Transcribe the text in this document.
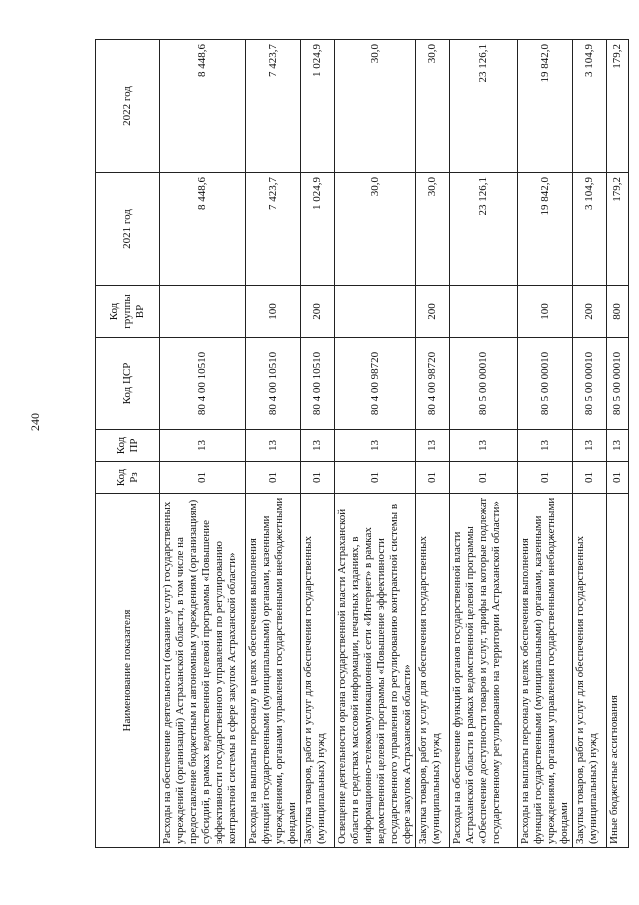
240
Наименование показателя	Код Рз	Код ПР	Код ЦСР	Код группы ВР	2021 год	2022 год
Расходы на обеспечение деятельности (оказание услуг) государственных учреждений (организаций) Астраханской области, в том числе на предоставление бюджетным и автономным учреждениям (организациям) субсидий, в рамках ведомственной целевой программы «Повышение эффективности государственного управления по регулированию контрактной системы в сфере закупок Астраханской области»	01	13	80 4 00 10510		8 448,6	8 448,6
Расходы на выплаты персоналу в целях обеспечения выполнения функций государственными (муниципальными) органами, казенными учреждениями, органами управления государственными внебюджетными фондами	01	13	80 4 00 10510	100	7 423,7	7 423,7
Закупка товаров, работ и услуг для обеспечения государственных (муниципальных) нужд	01	13	80 4 00 10510	200	1 024,9	1 024,9
Освещение деятельности органа государственной власти Астраханской области в средствах массовой информации, печатных изданиях, в информационно-телекоммуникационной сети «Интернет» в рамках ведомственной целевой программы «Повышение эффективности государственного управления по регулированию контрактной системы в сфере закупок Астраханской области»	01	13	80 4 00 98720		30,0	30,0
Закупка товаров, работ и услуг для обеспечения государственных (муниципальных) нужд	01	13	80 4 00 98720	200	30,0	30,0
Расходы на обеспечение функций органов государственной власти Астраханской области в рамках ведомственной целевой программы «Обеспечение доступности товаров и услуг, тарифы на которые подлежат государственному регулированию на территории Астраханской области»	01	13	80 5 00 00010		23 126,1	23 126,1
Расходы на выплаты персоналу в целях обеспечения выполнения функций государственными (муниципальными) органами, казенными учреждениями, органами управления государственными внебюджетными фондами	01	13	80 5 00 00010	100	19 842,0	19 842,0
Закупка товаров, работ и услуг для обеспечения государственных (муниципальных) нужд	01	13	80 5 00 00010	200	3 104,9	3 104,9
Иные бюджетные ассигнования	01	13	80 5 00 00010	800	179,2	179,2
